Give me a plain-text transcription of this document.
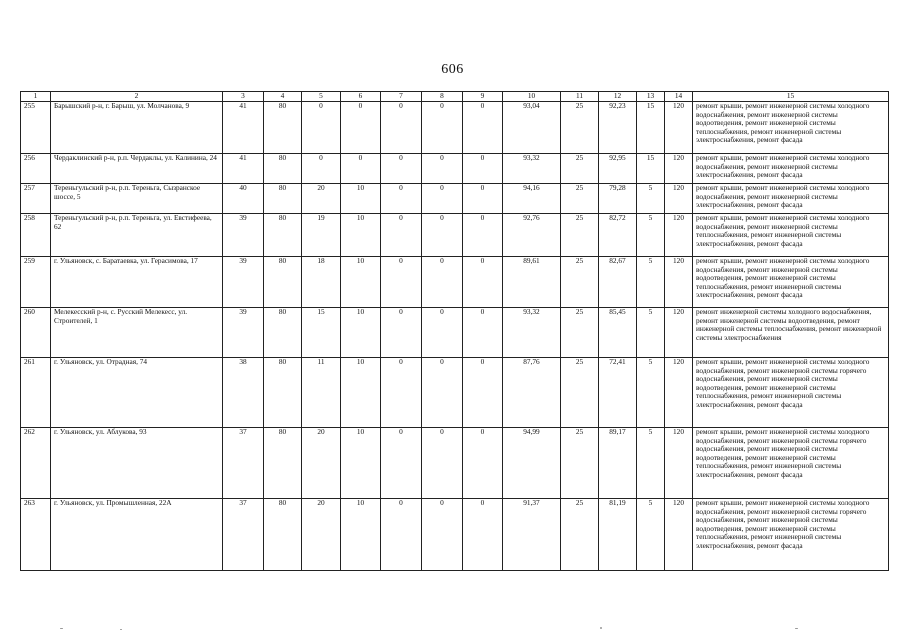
606
1	2	3	4	5	6	7	8	9	10	11	12	13	14	15
255	Барышский р-н, г. Барыш, ул. Молчанова, 9	41	80	0	0	0	0	0	93,04	25	92,23	15	120	ремонт крыши, ремонт инженерной системы холодного водоснабжения, ремонт инженерной системы водоотведения, ремонт инженерной системы теплоснабжения, ремонт инженерной системы электроснабжения, ремонт фасада
256	Чердаклинский р-н, р.п. Чердаклы, ул. Калинина, 24	41	80	0	0	0	0	0	93,32	25	92,95	15	120	ремонт крыши, ремонт инженерной системы холодного водоснабжения, ремонт инженерной системы электроснабжения, ремонт фасада
257	Тереньгульский р-н, р.п. Тереньга, Сызранское шоссе, 5	40	80	20	10	0	0	0	94,16	25	79,28	5	120	ремонт крыши, ремонт инженерной системы холодного водоснабжения, ремонт инженерной системы электроснабжения, ремонт фасада
258	Тереньгульский р-н, р.п. Тереньга, ул. Евстифеева, 62	39	80	19	10	0	0	0	92,76	25	82,72	5	120	ремонт крыши, ремонт инженерной системы холодного водоснабжения, ремонт инженерной системы теплоснабжения, ремонт инженерной системы электроснабжения, ремонт фасада
259	г. Ульяновск, с. Баратаевка, ул. Герасимова, 17	39	80	18	10	0	0	0	89,61	25	82,67	5	120	ремонт крыши, ремонт инженерной системы холодного водоснабжения, ремонт инженерной системы водоотведения, ремонт инженерной системы теплоснабжения, ремонт инженерной системы электроснабжения, ремонт фасада
260	Мелекесский р-н, с. Русский Мелекесс, ул. Строителей, 1	39	80	15	10	0	0	0	93,32	25	85,45	5	120	ремонт инженерной системы холодного водоснабжения, ремонт инженерной системы водоотведения, ремонт инженерной системы теплоснабжения, ремонт инженерной системы электроснабжения
261	г. Ульяновск, ул. Отрадная, 74	38	80	11	10	0	0	0	87,76	25	72,41	5	120	ремонт крыши, ремонт инженерной системы холодного водоснабжения, ремонт инженерной системы горячего водоснабжения, ремонт инженерной системы водоотведения, ремонт инженерной системы теплоснабжения, ремонт инженерной системы электроснабжения, ремонт фасада
262	г. Ульяновск, ул. Аблукова, 93	37	80	20	10	0	0	0	94,99	25	89,17	5	120	ремонт крыши, ремонт инженерной системы холодного водоснабжения, ремонт инженерной системы горячего водоснабжения, ремонт инженерной системы водоотведения, ремонт инженерной системы теплоснабжения, ремонт инженерной системы электроснабжения, ремонт фасада
263	г. Ульяновск, ул. Промышленная, 22А	37	80	20	10	0	0	0	91,37	25	81,19	5	120	ремонт крыши, ремонт инженерной системы холодного водоснабжения, ремонт инженерной системы горячего водоснабжения, ремонт инженерной системы водоотведения, ремонт инженерной системы теплоснабжения, ремонт инженерной системы электроснабжения, ремонт фасада
